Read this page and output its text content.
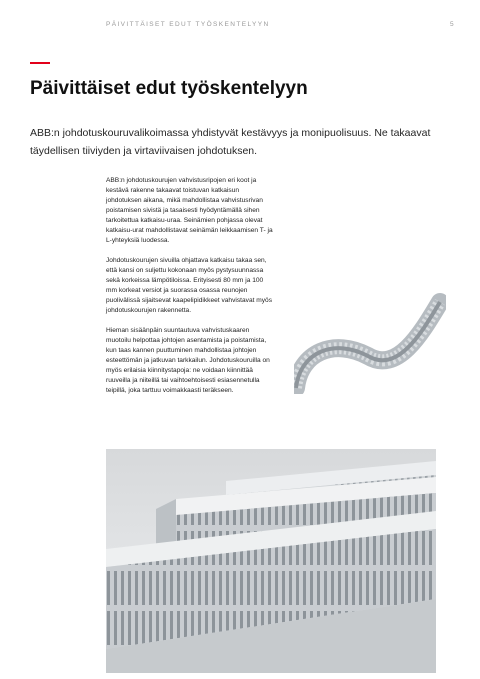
PÄIVITTÄISET EDUT TYÖSKENTELYYN	5
Päivittäiset edut työskentelyyn

ABB:n johdotuskouruvalikoimassa yhdistyvät kestävyys ja monipuolisuus. Ne takaavat täydellisen tiiviyden ja virtaviivaisen johdotuksen.

ABB:n johdotuskourujen vahvistusripojen eri koot ja kestävä rakenne takaavat toistuvan katkaisun johdotuksen aikana, mikä mahdollistaa vahvistusrivan poistamisen sivistä ja tasaisesti hyödyntämällä sihen tarkoitettua katkaisu-uraa. Seinämien pohjassa olevat katkaisu-urat mahdollistavat seinämän leikkaamisen T- ja L-yhteyksiä luodessa.

Johdotuskourujen sivuilla ohjattava katkaisu takaa sen, että kansi on suljettu kokonaan myös pystysuunnassa sekä korkeissa lämpötiloissa. Erityisesti 80 mm ja 100 mm korkeat versiot ja suorassa osassa reunojen puolivälissä sijaitsevat kaapelipidikkeet vahvistavat myös johdotuskourujen rakennetta.

Hieman sisäänpäin suuntautuva vahvistuskaaren muotoilu helpottaa johtojen asentamista ja poistamista, kun taas kannen puuttuminen mahdollistaa johtojen esteettömän ja jatkuvan tarkkailun. Johdotuskouruilla on myös erilaisia kiinnitystapoja: ne voidaan kiinnittää ruuveilla ja niiteillä tai vaihtoehtoisesti esiasennetulla teipillä, joka tarttuu voimakkaasti teräkseen.
